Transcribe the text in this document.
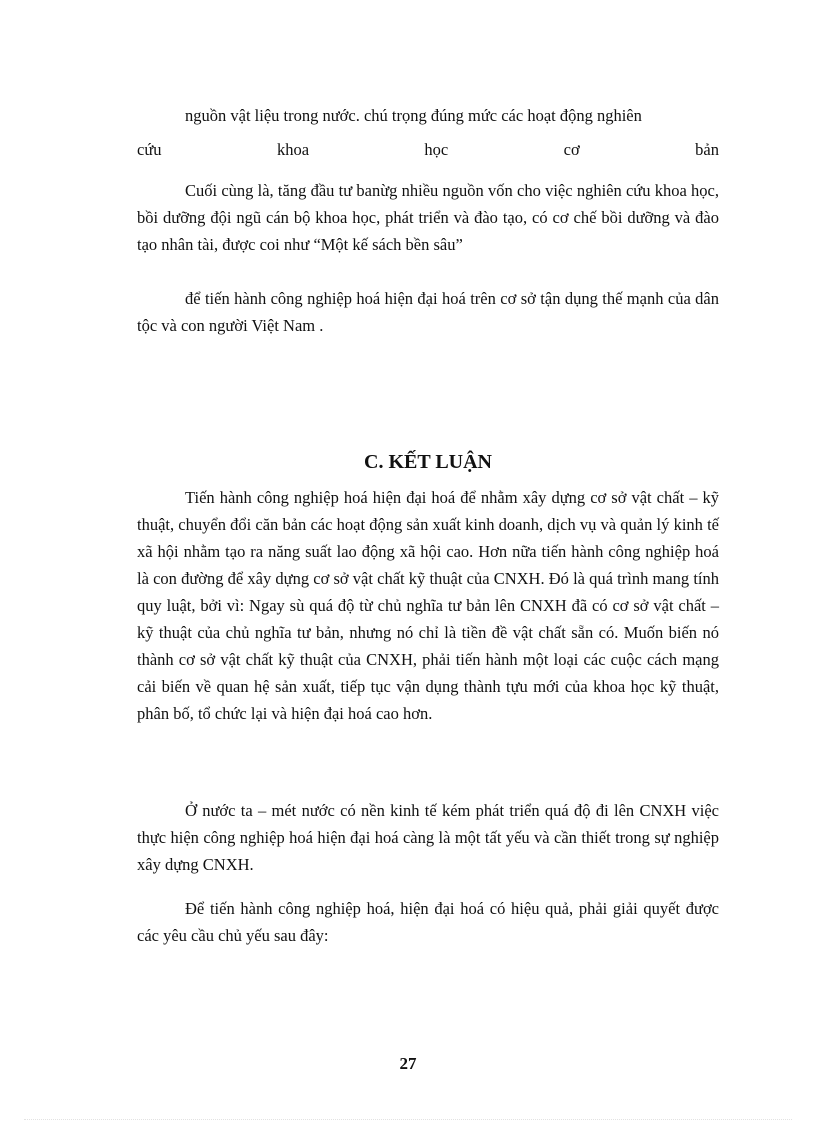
nguồn vật liệu trong nước. chú trọng đúng mức các hoạt động nghiên

cứu	khoa	học	cơ	bản

Cuối cùng là, tăng đầu tư banừg nhiều nguồn vốn cho việc nghiên cứu khoa học, bồi dưỡng đội ngũ cán bộ khoa học, phát triển và đào tạo, có cơ chế bồi dưỡng và đào tạo nhân tài, được coi như “Một kế sách bền sâu”

để tiến hành công nghiệp hoá hiện đại hoá trên cơ sở tận dụng thế mạnh của dân tộc và con người Việt Nam .

C. KẾT LUẬN

Tiến hành công nghiệp hoá hiện đại hoá để nhằm xây dựng cơ sở vật chất – kỹ thuật, chuyển đổi căn bản các hoạt động sản xuất kinh doanh, dịch vụ và quản lý kinh tế xã hội nhằm tạo ra năng suất lao động xã hội cao. Hơn nữa tiến hành công nghiệp hoá là con đường để xây dựng cơ sở vật chất kỹ thuật của CNXH. Đó là quá trình mang tính quy luật, bởi vì: Ngay sù quá độ từ chủ nghĩa tư bản lên CNXH đã có cơ sở vật chất – kỹ thuật của chủ nghĩa tư bản, nhưng nó chỉ là tiền đề vật chất sẵn có. Muốn biến nó thành cơ sở vật chất kỹ thuật của CNXH, phải tiến hành một loại các cuộc cách mạng cải biến về quan hệ sản xuất, tiếp tục vận dụng thành tựu mới của khoa học kỹ thuật, phân bố, tổ chức lại và hiện đại hoá cao hơn.

Ở nước ta – mét nước có nền kinh tế kém phát triển quá độ đi lên CNXH việc thực hiện công nghiệp hoá hiện đại hoá càng là một tất yếu và cần thiết trong sự nghiệp xây dựng CNXH.

Để tiến hành công nghiệp hoá, hiện đại hoá có hiệu quả, phải giải quyết được các yêu cầu chủ yếu sau đây:

27
